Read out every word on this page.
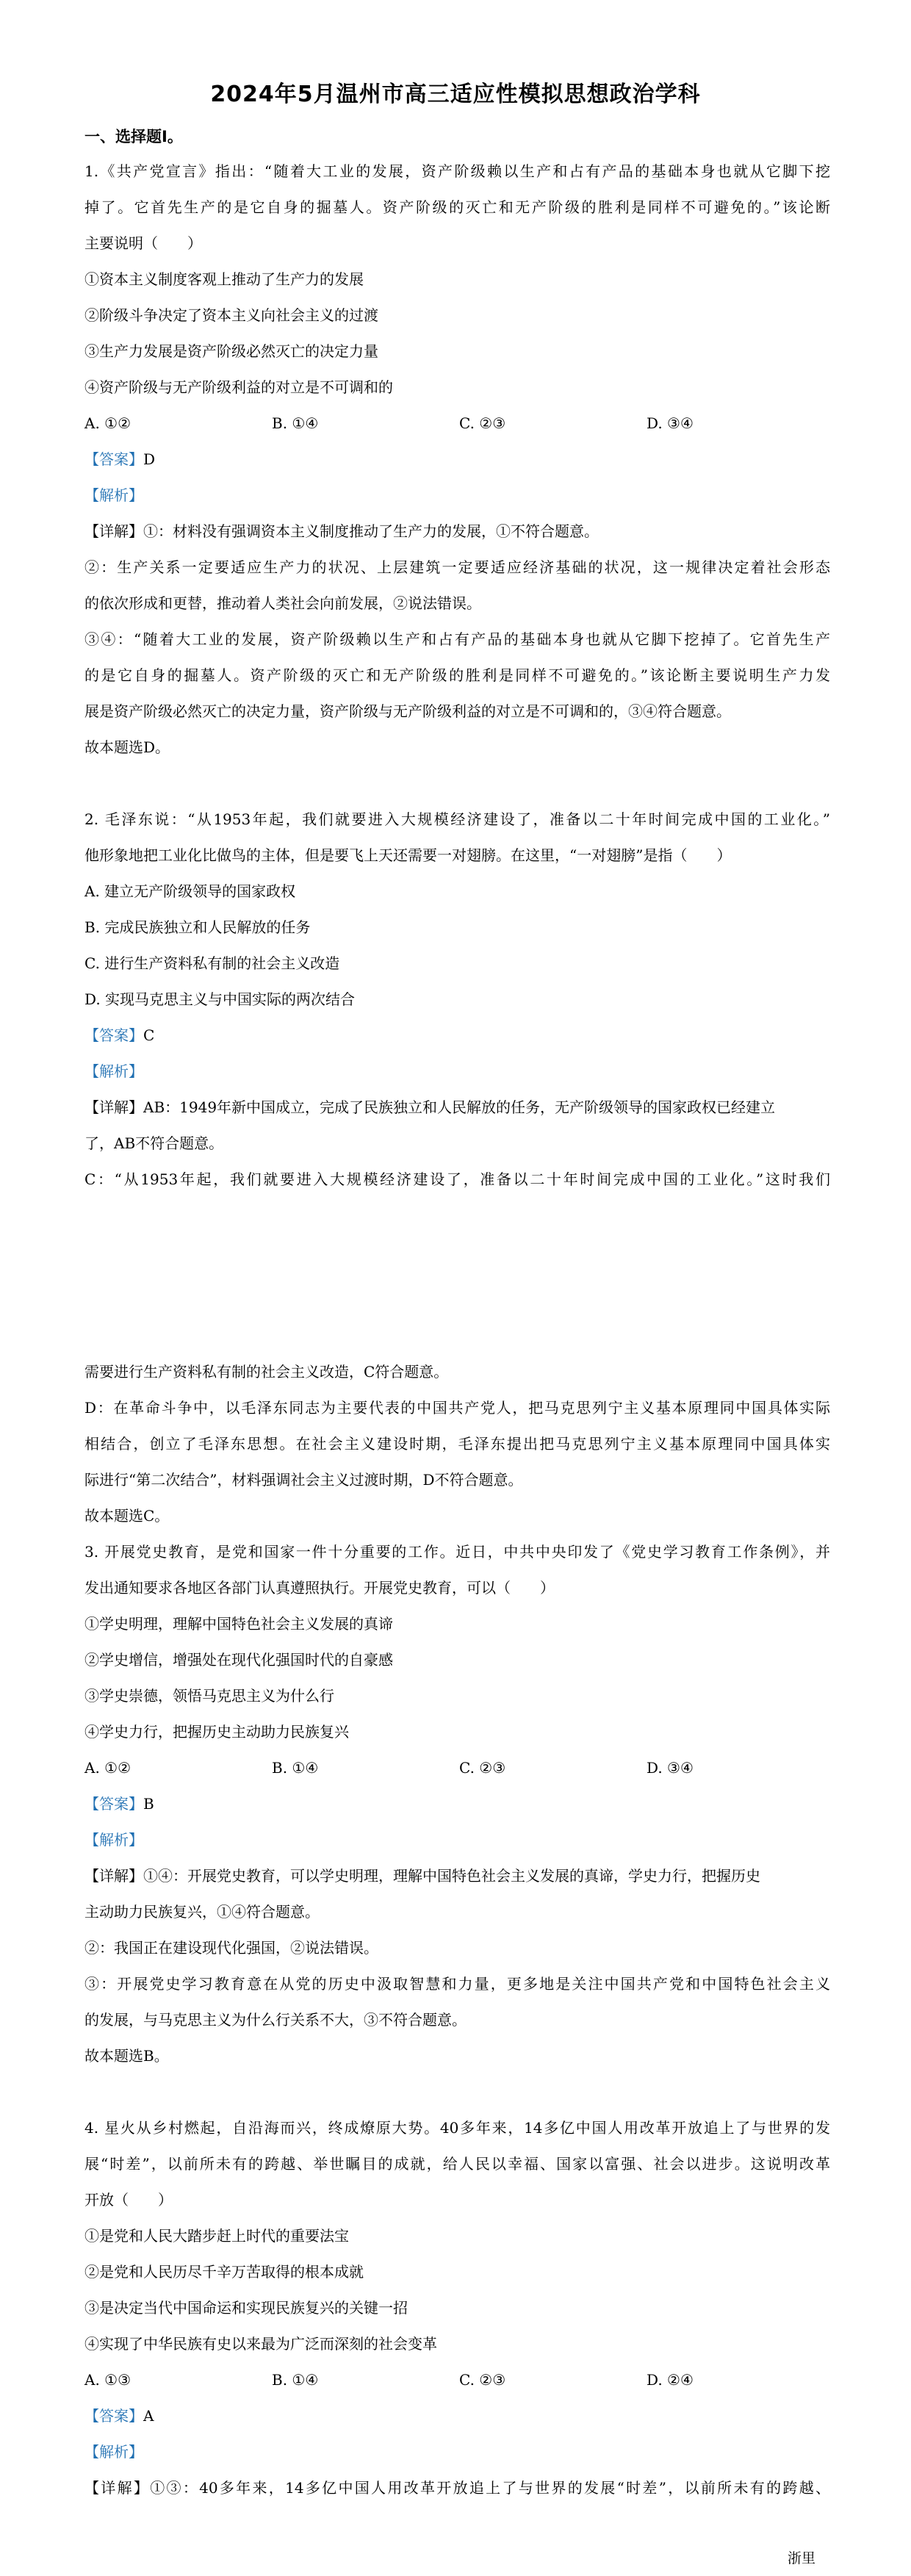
2024年5月温州市高三适应性模拟思想政治学科
一、选择题Ⅰ。
1.《共产党宣言》指出：“随着大工业的发展，资产阶级赖以生产和占有产品的基础本身也就从它脚下挖
掉了。它首先生产的是它自身的掘墓人。资产阶级的灭亡和无产阶级的胜利是同样不可避免的。”该论断
主要说明（　　）
①资本主义制度客观上推动了生产力的发展
②阶级斗争决定了资本主义向社会主义的过渡
③生产力发展是资产阶级必然灭亡的决定力量
④资产阶级与无产阶级利益的对立是不可调和的
A. ①②	B. ①④	C. ②③	D. ③④
【答案】D
【解析】
【详解】①：材料没有强调资本主义制度推动了生产力的发展，①不符合题意。
②：生产关系一定要适应生产力的状况、上层建筑一定要适应经济基础的状况，这一规律决定着社会形态
的依次形成和更替，推动着人类社会向前发展，②说法错误。
③④：“随着大工业的发展，资产阶级赖以生产和占有产品的基础本身也就从它脚下挖掉了。它首先生产
的是它自身的掘墓人。资产阶级的灭亡和无产阶级的胜利是同样不可避免的。”该论断主要说明生产力发
展是资产阶级必然灭亡的决定力量，资产阶级与无产阶级利益的对立是不可调和的，③④符合题意。
故本题选D。
2. 毛泽东说：“从1953年起，我们就要进入大规模经济建设了，准备以二十年时间完成中国的工业化。”
他形象地把工业化比做鸟的主体，但是要飞上天还需要一对翅膀。在这里，“一对翅膀”是指（　　）
A. 建立无产阶级领导的国家政权
B. 完成民族独立和人民解放的任务
C. 进行生产资料私有制的社会主义改造
D. 实现马克思主义与中国实际的两次结合
【答案】C
【解析】
【详解】AB：1949年新中国成立，完成了民族独立和人民解放的任务，无产阶级领导的国家政权已经建立
了，AB不符合题意。
C：“从1953年起，我们就要进入大规模经济建设了，准备以二十年时间完成中国的工业化。”这时我们
需要进行生产资料私有制的社会主义改造，C符合题意。
D：在革命斗争中，以毛泽东同志为主要代表的中国共产党人，把马克思列宁主义基本原理同中国具体实际
相结合，创立了毛泽东思想。在社会主义建设时期，毛泽东提出把马克思列宁主义基本原理同中国具体实
际进行“第二次结合”，材料强调社会主义过渡时期，D不符合题意。
故本题选C。
3. 开展党史教育，是党和国家一件十分重要的工作。近日，中共中央印发了《党史学习教育工作条例》，并
发出通知要求各地区各部门认真遵照执行。开展党史教育，可以（　　）
①学史明理，理解中国特色社会主义发展的真谛
②学史增信，增强处在现代化强国时代的自豪感
③学史崇德，领悟马克思主义为什么行
④学史力行，把握历史主动助力民族复兴
A. ①②	B. ①④	C. ②③	D. ③④
【答案】B
【解析】
【详解】①④：开展党史教育，可以学史明理，理解中国特色社会主义发展的真谛，学史力行，把握历史
主动助力民族复兴，①④符合题意。
②：我国正在建设现代化强国，②说法错误。
③：开展党史学习教育意在从党的历史中汲取智慧和力量，更多地是关注中国共产党和中国特色社会主义
的发展，与马克思主义为什么行关系不大，③不符合题意。
故本题选B。
4. 星火从乡村燃起，自沿海而兴，终成燎原大势。40多年来，14多亿中国人用改革开放追上了与世界的发
展“时差”，以前所未有的跨越、举世瞩目的成就，给人民以幸福、国家以富强、社会以进步。这说明改革
开放（　　）
①是党和人民大踏步赶上时代的重要法宝
②是党和人民历尽千辛万苦取得的根本成就
③是决定当代中国命运和实现民族复兴的关键一招
④实现了中华民族有史以来最为广泛而深刻的社会变革
A. ①③	B. ①④	C. ②③	D. ②④
【答案】A
【解析】
【详解】①③：40多年来，14多亿中国人用改革开放追上了与世界的发展“时差”，以前所未有的跨越、
浙里
